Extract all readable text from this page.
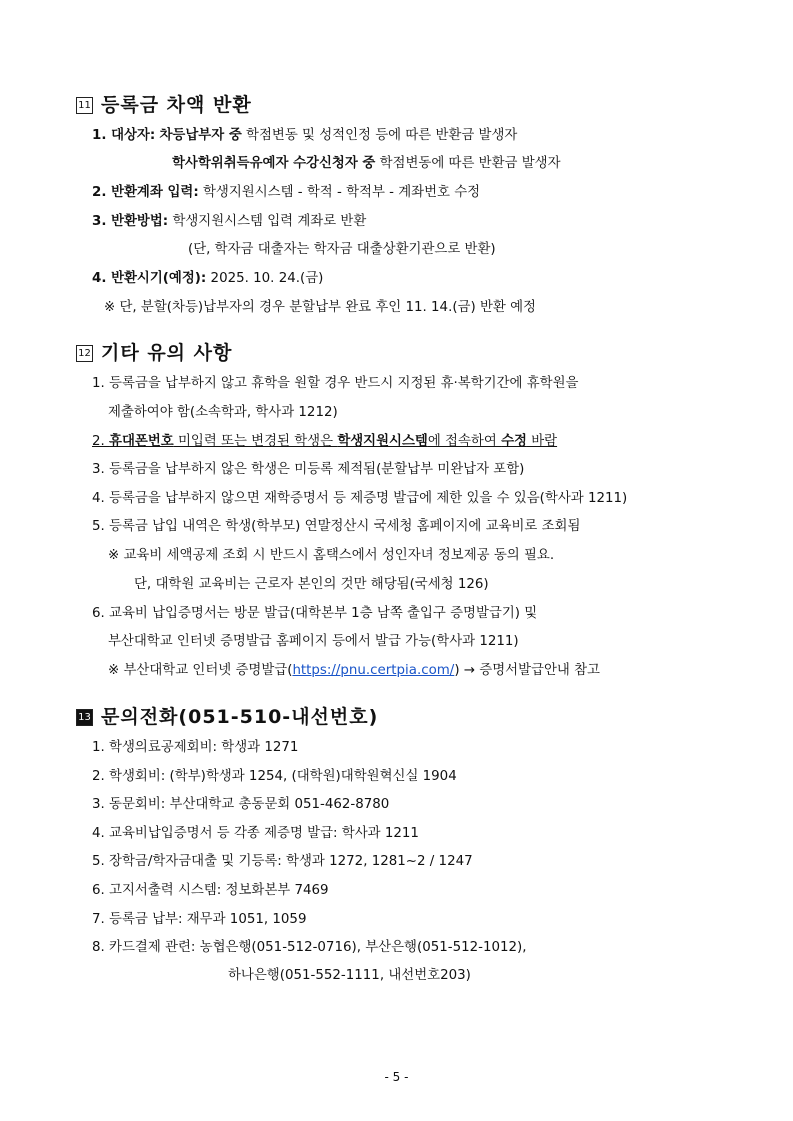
11 등록금 차액 반환
1. 대상자: 차등납부자 중 학점변동 및 성적인정 등에 따른 반환금 발생자
학사학위취득유예자 수강신청자 중 학점변동에 따른 반환금 발생자
2. 반환계좌 입력: 학생지원시스템 - 학적 - 학적부 - 계좌번호 수정
3. 반환방법: 학생지원시스템 입력 계좌로 반환
(단, 학자금 대출자는 학자금 대출상환기관으로 반환)
4. 반환시기(예정): 2025. 10. 24.(금)
※ 단, 분할(차등)납부자의 경우 분할납부 완료 후인 11. 14.(금) 반환 예정
12 기타 유의 사항
1. 등록금을 납부하지 않고 휴학을 원할 경우 반드시 지정된 휴·복학기간에 휴학원을
제출하여야 함(소속학과, 학사과 1212)
2. 휴대폰번호 미입력 또는 변경된 학생은 학생지원시스템에 접속하여 수정 바람
3. 등록금을 납부하지 않은 학생은 미등록 제적됨(분할납부 미완납자 포함)
4. 등록금을 납부하지 않으면 재학증명서 등 제증명 발급에 제한 있을 수 있음(학사과 1211)
5. 등록금 납입 내역은 학생(학부모) 연말정산시 국세청 홈페이지에 교육비로 조회됨
※ 교육비 세액공제 조회 시 반드시 홈택스에서 성인자녀 정보제공 동의 필요.
단, 대학원 교육비는 근로자 본인의 것만 해당됨(국세청 126)
6. 교육비 납입증명서는 방문 발급(대학본부 1층 남쪽 출입구 증명발급기) 및
부산대학교 인터넷 증명발급 홈페이지 등에서 발급 가능(학사과 1211)
※ 부산대학교 인터넷 증명발급(https://pnu.certpia.com/) → 증명서발급안내 참고
13 문의전화(051-510-내선번호)
1. 학생의료공제회비: 학생과 1271
2. 학생회비: (학부)학생과 1254, (대학원)대학원혁신실 1904
3. 동문회비: 부산대학교 총동문회 051-462-8780
4. 교육비납입증명서 등 각종 제증명 발급: 학사과 1211
5. 장학금/학자금대출 및 기등록: 학생과 1272, 1281~2 / 1247
6. 고지서출력 시스템: 정보화본부 7469
7. 등록금 납부: 재무과 1051, 1059
8. 카드결제 관련: 농협은행(051-512-0716), 부산은행(051-512-1012),
하나은행(051-552-1111, 내선번호203)
- 5 -
